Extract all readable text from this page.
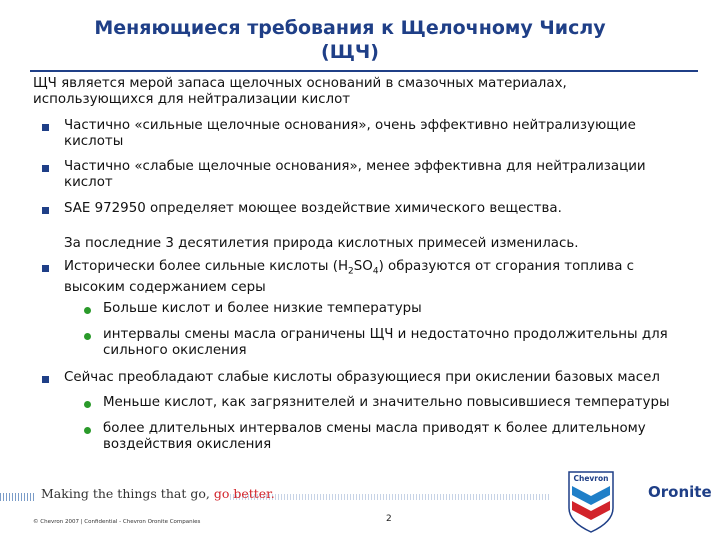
Меняющиеся требования к Щелочному Числу
(ЩЧ)
ЩЧ является мерой запаса щелочных оснований в смазочных материалах,
использующихся для нейтрализации кислот
Частично «сильные щелочные основания», очень эффективно нейтрализующие
кислоты
Частично «слабые щелочные основания», менее эффективна для нейтрализации
кислот
SAE 972950 определяет моющее воздействие химического вещества.
За последние 3 десятилетия природа кислотных примесей изменилась.
Исторически более сильные кислоты $(H_2SO_4)$ образуются от сгорания топлива с
высоким содержанием серы
Больше кислот и более низкие температуры
интервалы смены масла ограничены ЩЧ и недостаточно продолжительны для
сильного окисления
Сейчас преобладают слабые кислоты образующиеся при окислении базовых масел
Меньше кислот, как загрязнителей и значительно повысившиеся температуры
более длительных интервалов смены масла приводят к более длительному
воздействия окисления
Making the things that go, go better.
© Chevron 2007 | Confidential - Chevron Oronite Companies	2
Chevron
Oronite
